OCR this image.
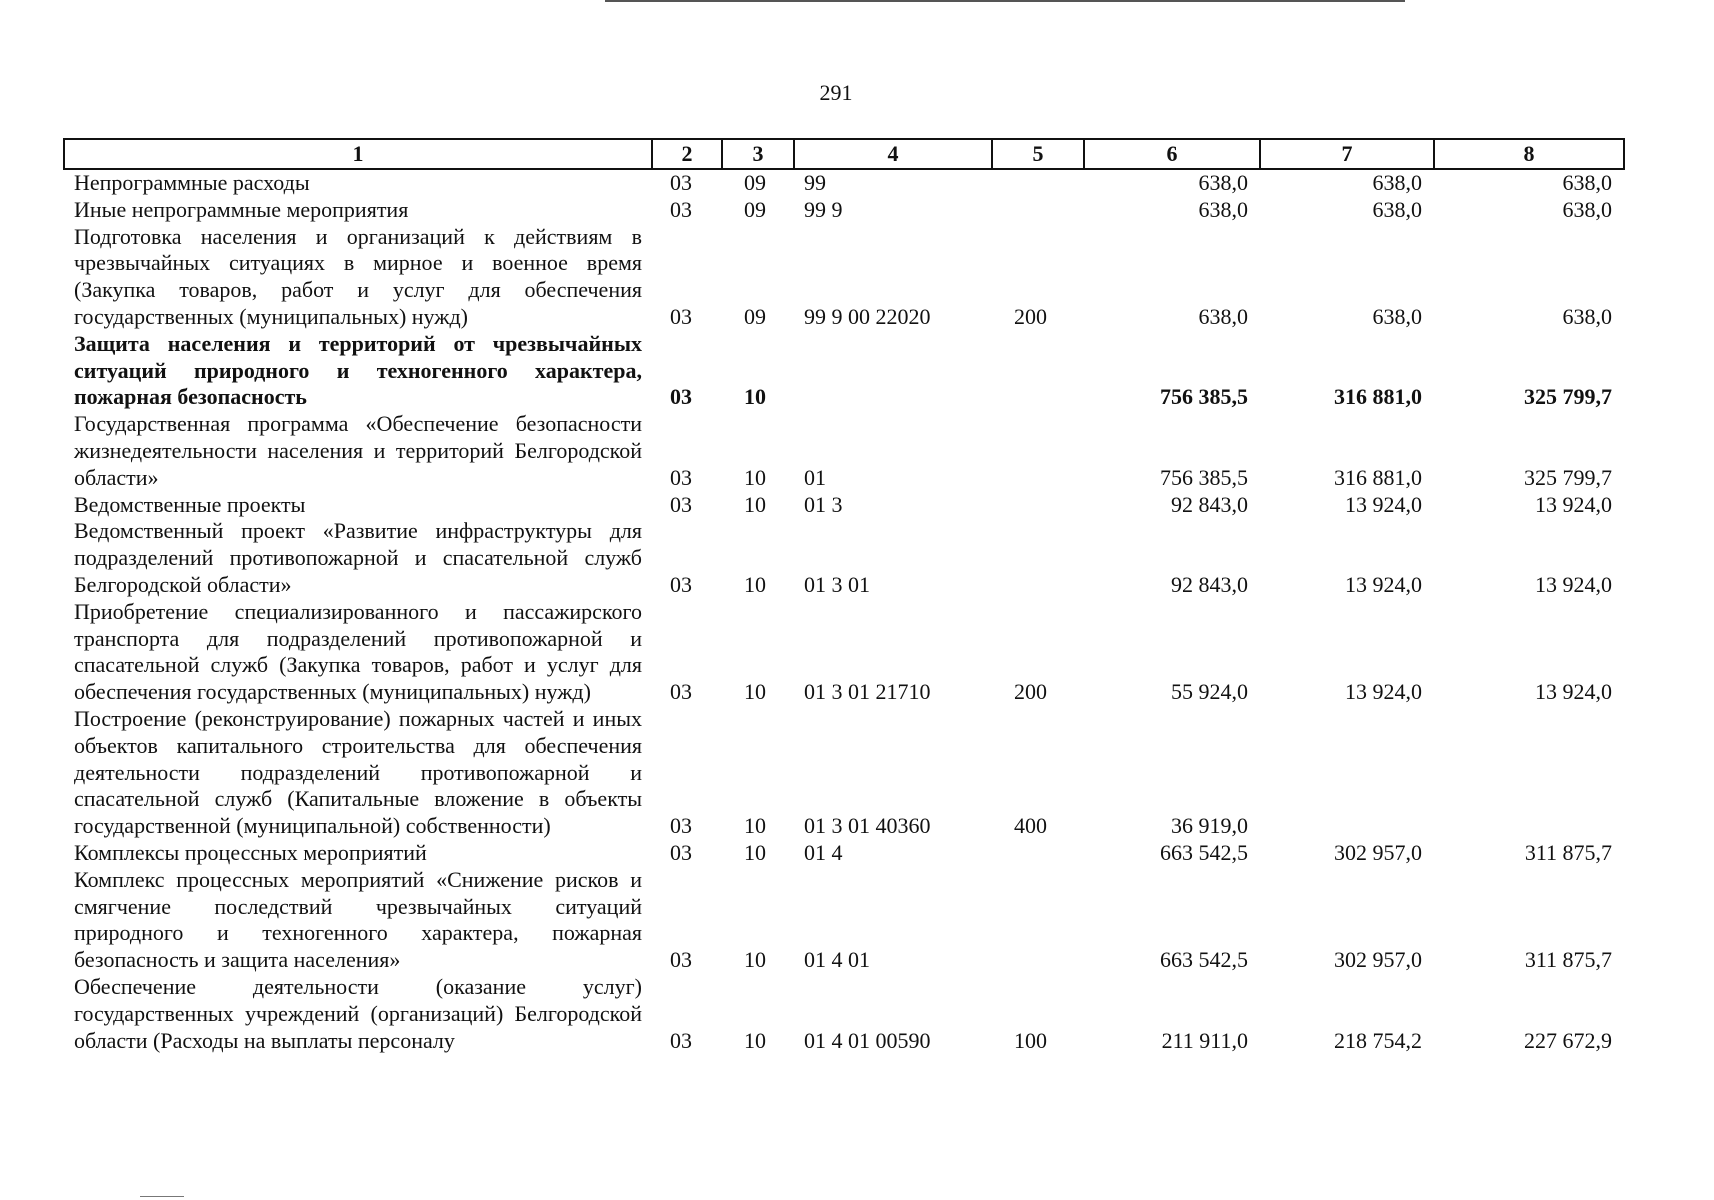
291
1	2	3	4	5	6	7	8
Непрограммные расходы	03	09	99		638,0	638,0	638,0
Иные непрограммные мероприятия	03	09	99 9		638,0	638,0	638,0
Подготовка населения и организаций к действиям в чрезвычайных ситуациях в мирное и военное время (Закупка товаров, работ и услуг для обеспечения государственных (муниципальных) нужд)	03	09	99 9 00 22020	200	638,0	638,0	638,0
Защита населения и территорий от чрезвычайных ситуаций природного и техногенного характера, пожарная безопасность	03	10			756 385,5	316 881,0	325 799,7
Государственная программа «Обеспечение безопасности жизнедеятельности населения и территорий Белгородской области»	03	10	01		756 385,5	316 881,0	325 799,7
Ведомственные проекты	03	10	01 3		92 843,0	13 924,0	13 924,0
Ведомственный проект «Развитие инфраструктуры для подразделений противопожарной и спасательной служб Белгородской области»	03	10	01 3 01		92 843,0	13 924,0	13 924,0
Приобретение специализированного и пассажирского транспорта для подразделений противопожарной и спасательной служб (Закупка товаров, работ и услуг для обеспечения государственных (муниципальных) нужд)	03	10	01 3 01 21710	200	55 924,0	13 924,0	13 924,0
Построение (реконструирование) пожарных частей и иных объектов капитального строительства для обеспечения деятельности подразделений противопожарной и спасательной служб (Капитальные вложение в объекты государственной (муниципальной) собственности)	03	10	01 3 01 40360	400	36 919,0		
Комплексы процессных мероприятий	03	10	01 4		663 542,5	302 957,0	311 875,7
Комплекс процессных мероприятий «Снижение рисков и смягчение последствий чрезвычайных ситуаций природного и техногенного характера, пожарная безопасность и защита населения»	03	10	01 4 01		663 542,5	302 957,0	311 875,7
Обеспечение деятельности (оказание услуг) государственных учреждений (организаций) Белгородской области (Расходы на выплаты персоналу	03	10	01 4 01 00590	100	211 911,0	218 754,2	227 672,9
